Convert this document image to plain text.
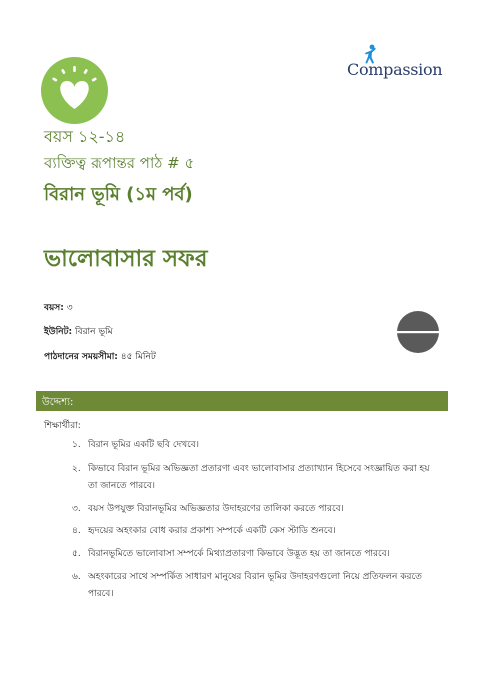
Compassion
বয়স ১২-১৪
ব্যক্তিত্ব রূপান্তর পাঠ # ৫
বিরান ভূমি (১ম পর্ব)
ভালোবাসার সফর
বয়স: ৩
ইউনিট: বিরান ভূমি
পাঠদানের সময়সীমা: ৪৫ মিনিট
উদ্দেশ্য:
শিক্ষার্থীরা:
১. বিরান ভূমির একটি ছবি দেখবে।
২. কিভাবে বিরান ভূমির অভিজ্ঞতা প্রতারণা এবং ভালোবাসার প্রত্যাখ্যান হিসেবে সংজ্ঞায়িত করা হয় তা জানতে পারবে।
৩. বয়স উপযুক্ত বিরানভূমির অভিজ্ঞতার উদাহরণের তালিকা করতে পারবে।
৪. হৃদয়ের অহংকার বোধ করার প্রকাশ্য সম্পর্কে একটি কেস স্টাডি শুনবে।
৫. বিরানভূমিতে ভালোবাসা সম্পর্কে মিথ্যাপ্রতারণা কিভাবে উদ্ভূত হয় তা জানতে পারবে।
৬. অহংকারের সাথে সম্পর্কিত সাধারণ মানুষের বিরান ভূমির উদাহরণগুলো নিয়ে প্রতিফলন করতে পারবে।
